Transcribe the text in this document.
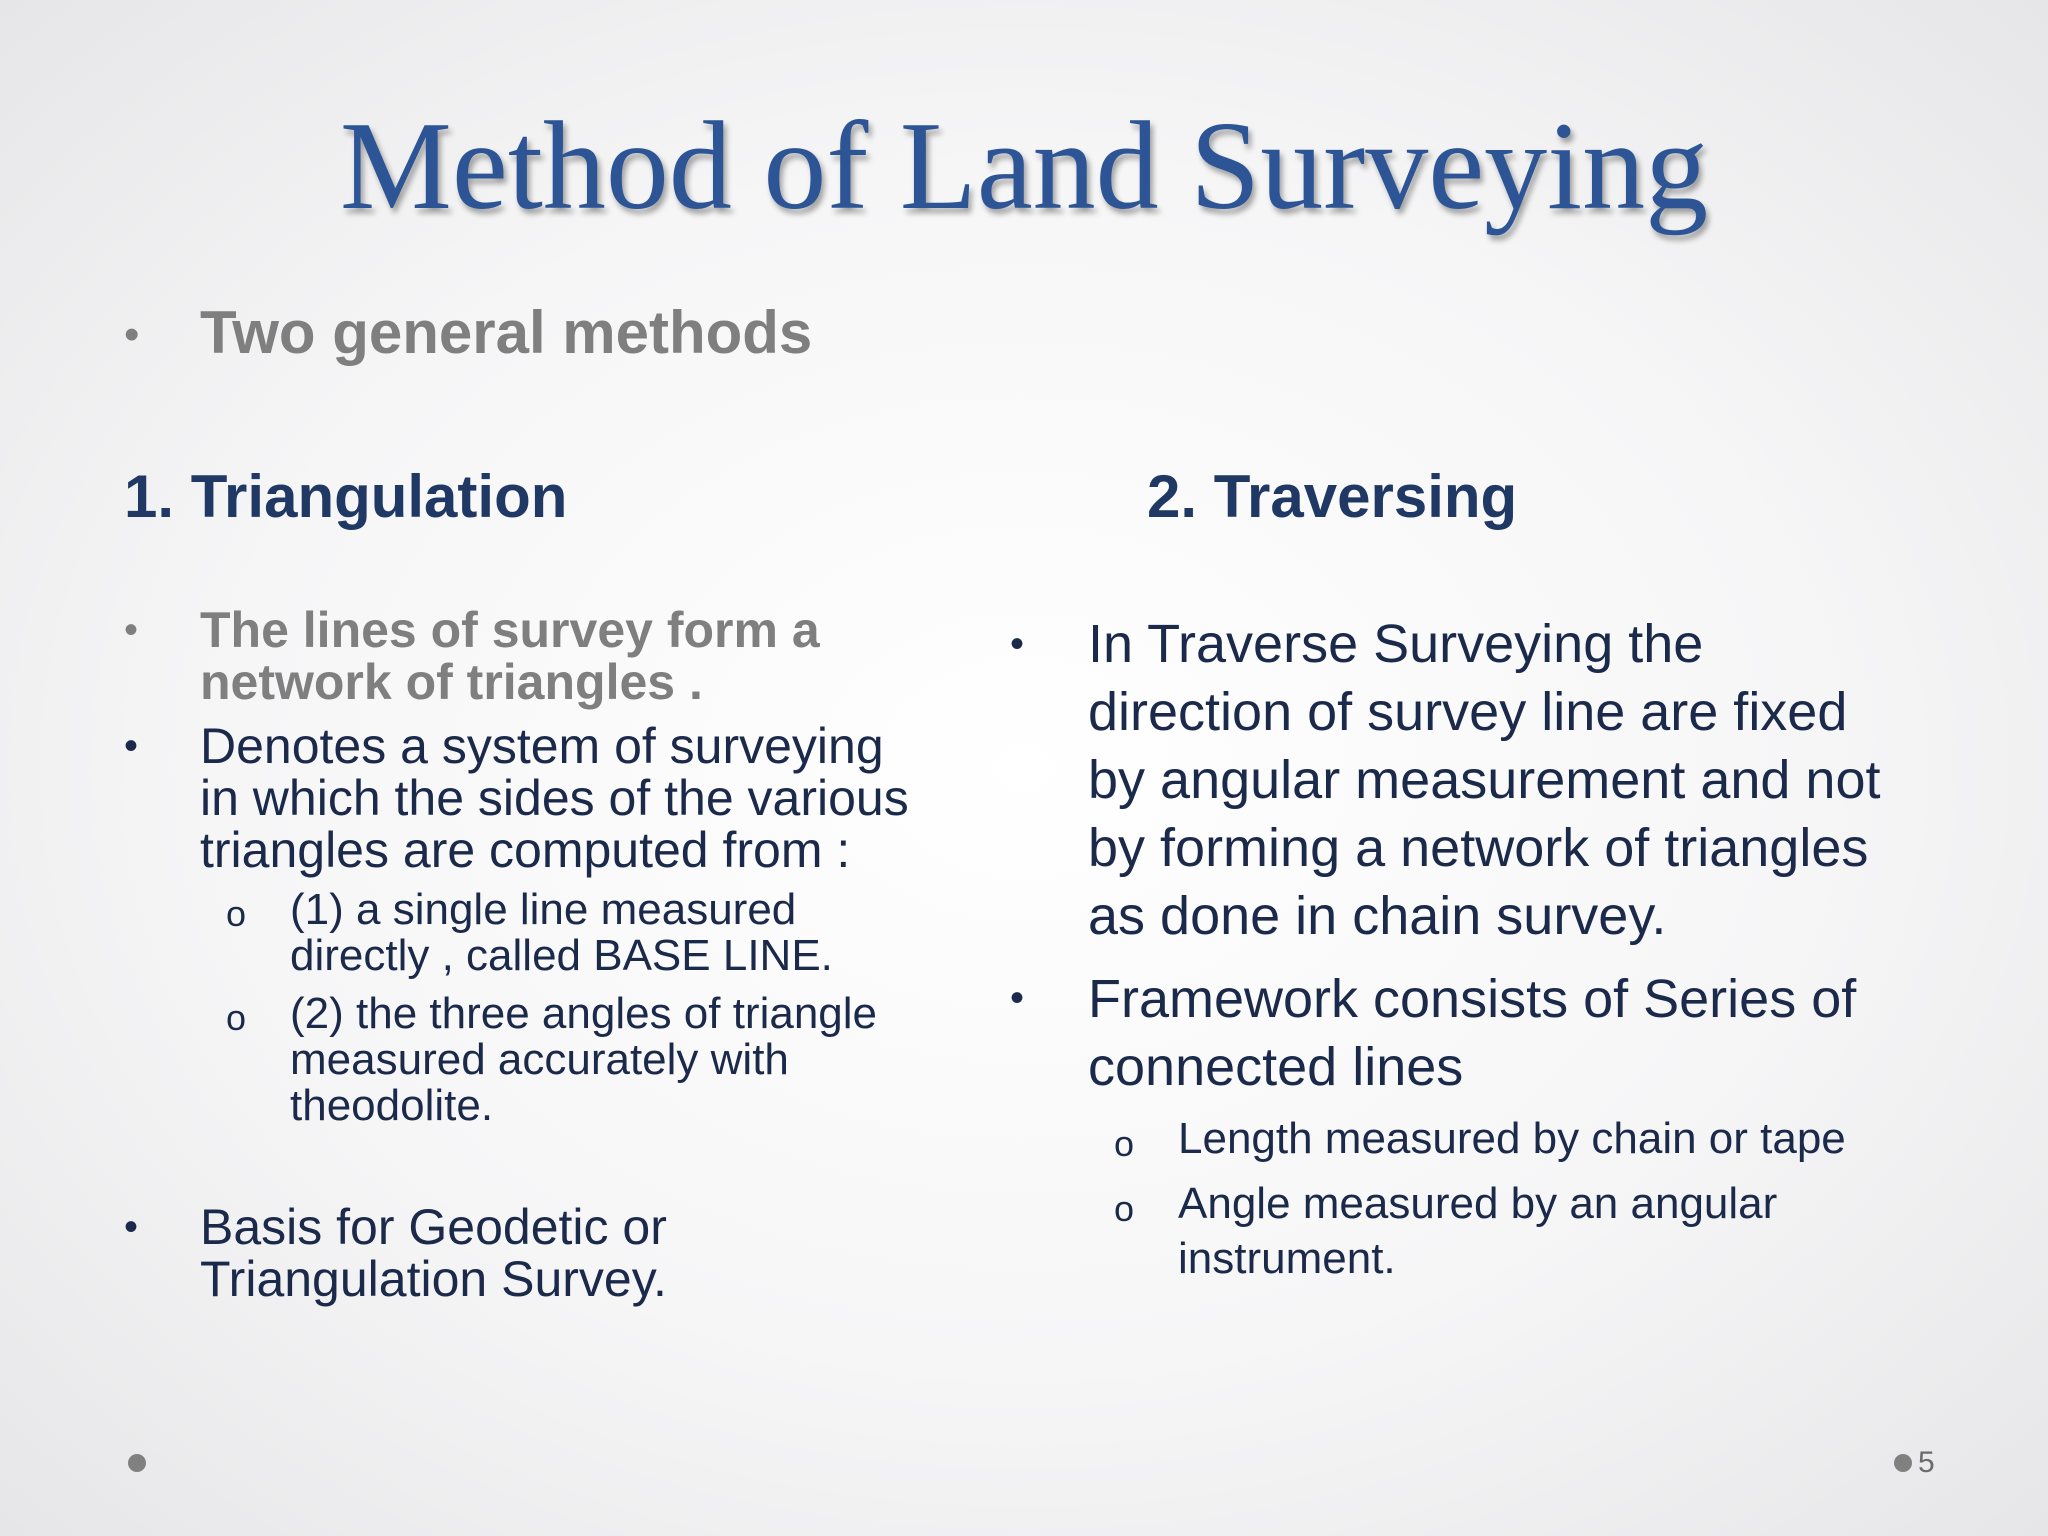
Method of Land Surveying
• Two general methods
1. Triangulation	2. Traversing
• The lines of survey form a
network of triangles .
• Denotes a system of surveying
in which the sides of the various
triangles are computed from :
o (1) a single line measured
directly , called BASE LINE.
o (2) the three angles of triangle
measured accurately with
theodolite.
• Basis for Geodetic or
Triangulation Survey.
• In Traverse Surveying the
direction of survey line are fixed
by angular measurement and not
by forming a network of triangles
as done in chain survey.
• Framework consists of Series of
connected lines
o Length measured by chain or tape
o Angle measured by an angular
instrument.
5
